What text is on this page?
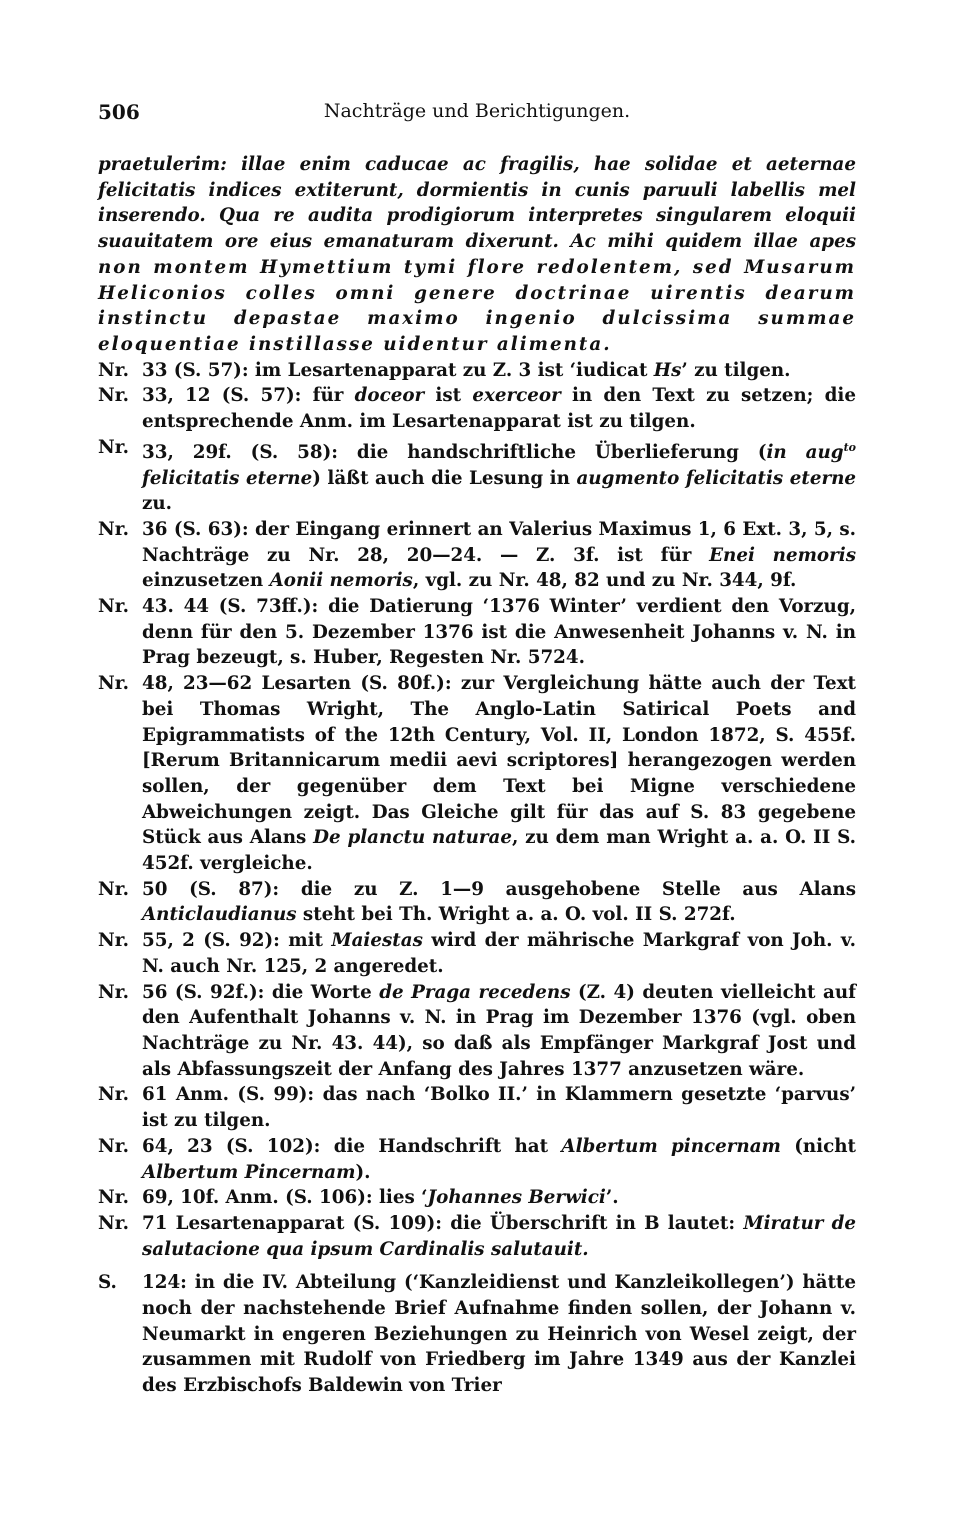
506	Nachträge und Berichtigungen.
praetulerim: illae enim caducae ac fragilis, hae solidae et aeternae felicitatis indices extiterunt, dormientis in cunis paruuli labellis mel inserendo. Qua re audita prodigiorum interpretes singularem eloquii suauitatem ore eius emanaturam dixerunt. Ac mihi quidem illae apes non montem Hymettium tymi flore redolentem, sed Musarum Heliconios colles omni genere doctrinae uirentis dearum instinctu depastae maximo ingenio dulcissima summae eloquentiae instillasse uidentur alimenta.
Nr. 33 (S. 57): im Lesartenapparat zu Z. 3 ist ‘iudicat Hs’ zu tilgen.
Nr. 33, 12 (S. 57): für doceor ist exerceor in den Text zu setzen; die entsprechende Anm. im Lesartenapparat ist zu tilgen.
Nr. 33, 29f. (S. 58): die handschriftliche Überlieferung (in aug$^{to}$ felicitatis eterne) läßt auch die Lesung in augmento felicitatis eterne zu.
Nr. 36 (S. 63): der Eingang erinnert an Valerius Maximus 1, 6 Ext. 3, 5, s. Nachträge zu Nr. 28, 20—24. — Z. 3f. ist für Enei nemoris einzusetzen Aonii nemoris, vgl. zu Nr. 48, 82 und zu Nr. 344, 9f.
Nr. 43. 44 (S. 73ff.): die Datierung ‘1376 Winter’ verdient den Vorzug, denn für den 5. Dezember 1376 ist die Anwesenheit Johanns v. N. in Prag bezeugt, s. Huber, Regesten Nr. 5724.
Nr. 48, 23—62 Lesarten (S. 80f.): zur Vergleichung hätte auch der Text bei Thomas Wright, The Anglo-Latin Satirical Poets and Epigrammatists of the 12th Century, Vol. II, London 1872, S. 455f. [Rerum Britannicarum medii aevi scriptores] herangezogen werden sollen, der gegenüber dem Text bei Migne verschiedene Abweichungen zeigt. Das Gleiche gilt für das auf S. 83 gegebene Stück aus Alans De planctu naturae, zu dem man Wright a. a. O. II S. 452f. vergleiche.
Nr. 50 (S. 87): die zu Z. 1—9 ausgehobene Stelle aus Alans Anticlaudianus steht bei Th. Wright a. a. O. vol. II S. 272f.
Nr. 55, 2 (S. 92): mit Maiestas wird der mährische Markgraf von Joh. v. N. auch Nr. 125, 2 angeredet.
Nr. 56 (S. 92f.): die Worte de Praga recedens (Z. 4) deuten vielleicht auf den Aufenthalt Johanns v. N. in Prag im Dezember 1376 (vgl. oben Nachträge zu Nr. 43. 44), so daß als Empfänger Markgraf Jost und als Abfassungszeit der Anfang des Jahres 1377 anzusetzen wäre.
Nr. 61 Anm. (S. 99): das nach ‘Bolko II.’ in Klammern gesetzte ‘parvus’ ist zu tilgen.
Nr. 64, 23 (S. 102): die Handschrift hat Albertum pincernam (nicht Albertum Pincernam).
Nr. 69, 10f. Anm. (S. 106): lies ‘Johannes Berwici’.
Nr. 71 Lesartenapparat (S. 109): die Überschrift in B lautet: Miratur de salutacione qua ipsum Cardinalis salutauit.
S.	124: in die IV. Abteilung (‘Kanzleidienst und Kanzleikollegen’) hätte noch der nachstehende Brief Aufnahme finden sollen, der Johann v. Neumarkt in engeren Beziehungen zu Heinrich von Wesel zeigt, der zusammen mit Rudolf von Friedberg im Jahre 1349 aus der Kanzlei des Erzbischofs Baldewin von Trier
